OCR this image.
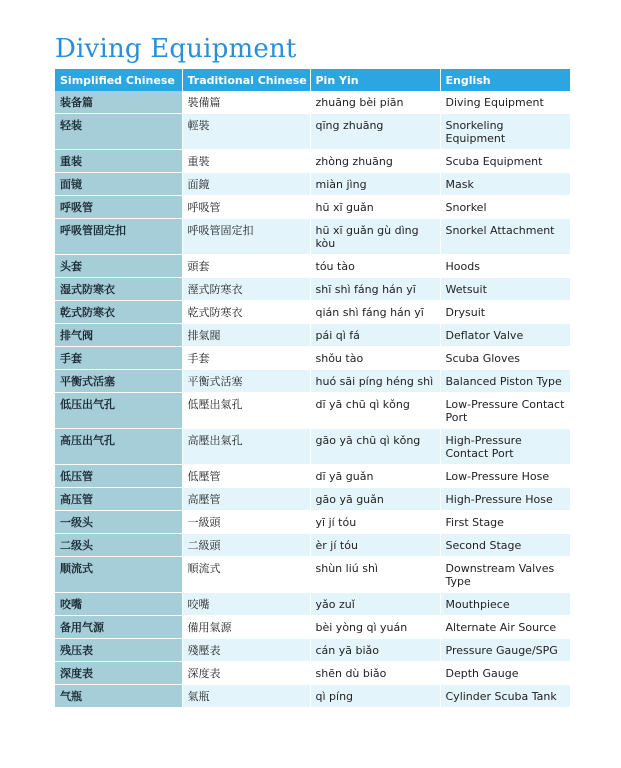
Diving Equipment
Simplified Chinese	Traditional Chinese	Pin Yin	English
装备篇	裝備篇	zhuāng bèi piān	Diving Equipment
轻装	輕裝	qīng zhuāng	Snorkeling Equipment
重装	重裝	zhòng zhuāng	Scuba Equipment
面镜	面鏡	miàn jìng	Mask
呼吸管	呼吸管	hū xī guǎn	Snorkel
呼吸管固定扣	呼吸管固定扣	hū xī guǎn gù dìng kòu	Snorkel Attachment
头套	頭套	tóu tào	Hoods
湿式防寒衣	溼式防寒衣	shī shì fáng hán yī	Wetsuit
乾式防寒衣	乾式防寒衣	qián shì fáng hán yī	Drysuit
排气阀	排氣閥	pái qì fá	Deflator Valve
手套	手套	shǒu tào	Scuba Gloves
平衡式活塞	平衡式活塞	huó sāi píng héng shì	Balanced Piston Type
低压出气孔	低壓出氣孔	dī yā chū qì kǒng	Low-Pressure Contact Port
高压出气孔	高壓出氣孔	gāo yā chū qì kǒng	High-Pressure Contact Port
低压管	低壓管	dī yā guǎn	Low-Pressure Hose
高压管	高壓管	gāo yā guǎn	High-Pressure Hose
一级头	一級頭	yī jí tóu	First Stage
二级头	二級頭	èr jí tóu	Second Stage
顺流式	順流式	shùn liú shì	Downstream Valves Type
咬嘴	咬嘴	yǎo zuǐ	Mouthpiece
备用气源	備用氣源	bèi yòng qì yuán	Alternate Air Source
残压表	殘壓表	cán yā biǎo	Pressure Gauge/SPG
深度表	深度表	shēn dù biǎo	Depth Gauge
气瓶	氣瓶	qì píng	Cylinder Scuba Tank
